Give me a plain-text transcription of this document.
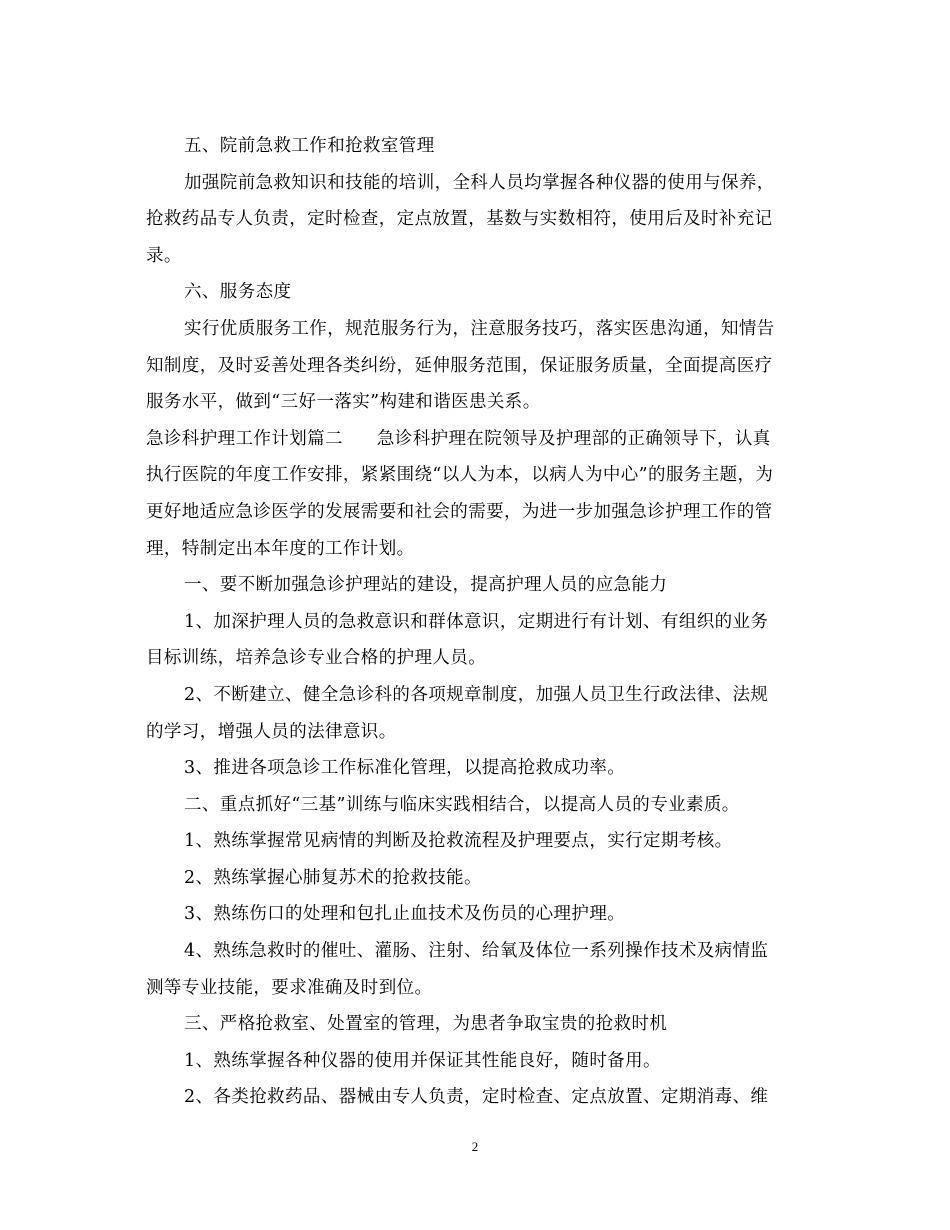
五、院前急救工作和抢救室管理
加强院前急救知识和技能的培训，全科人员均掌握各种仪器的使用与保养，
抢救药品专人负责，定时检查，定点放置，基数与实数相符，使用后及时补充记
录。
六、服务态度
实行优质服务工作，规范服务行为，注意服务技巧，落实医患沟通，知情告
知制度，及时妥善处理各类纠纷，延伸服务范围，保证服务质量，全面提高医疗
服务水平，做到“三好一落实”构建和谐医患关系。
急诊科护理工作计划篇二 急诊科护理在院领导及护理部的正确领导下，认真
执行医院的年度工作安排，紧紧围绕“以人为本，以病人为中心”的服务主题，为
更好地适应急诊医学的发展需要和社会的需要，为进一步加强急诊护理工作的管
理，特制定出本年度的工作计划。
一、要不断加强急诊护理站的建设，提高护理人员的应急能力
1、加深护理人员的急救意识和群体意识，定期进行有计划、有组织的业务
目标训练，培养急诊专业合格的护理人员。
2、不断建立、健全急诊科的各项规章制度，加强人员卫生行政法律、法规
的学习，增强人员的法律意识。
3、推进各项急诊工作标准化管理，以提高抢救成功率。
二、重点抓好“三基”训练与临床实践相结合，以提高人员的专业素质。
1、熟练掌握常见病情的判断及抢救流程及护理要点，实行定期考核。
2、熟练掌握心肺复苏术的抢救技能。
3、熟练伤口的处理和包扎止血技术及伤员的心理护理。
4、熟练急救时的催吐、灌肠、注射、给氧及体位一系列操作技术及病情监
测等专业技能，要求准确及时到位。
三、严格抢救室、处置室的管理，为患者争取宝贵的抢救时机
1、熟练掌握各种仪器的使用并保证其性能良好，随时备用。
2、各类抢救药品、器械由专人负责，定时检查、定点放置、定期消毒、维
2
